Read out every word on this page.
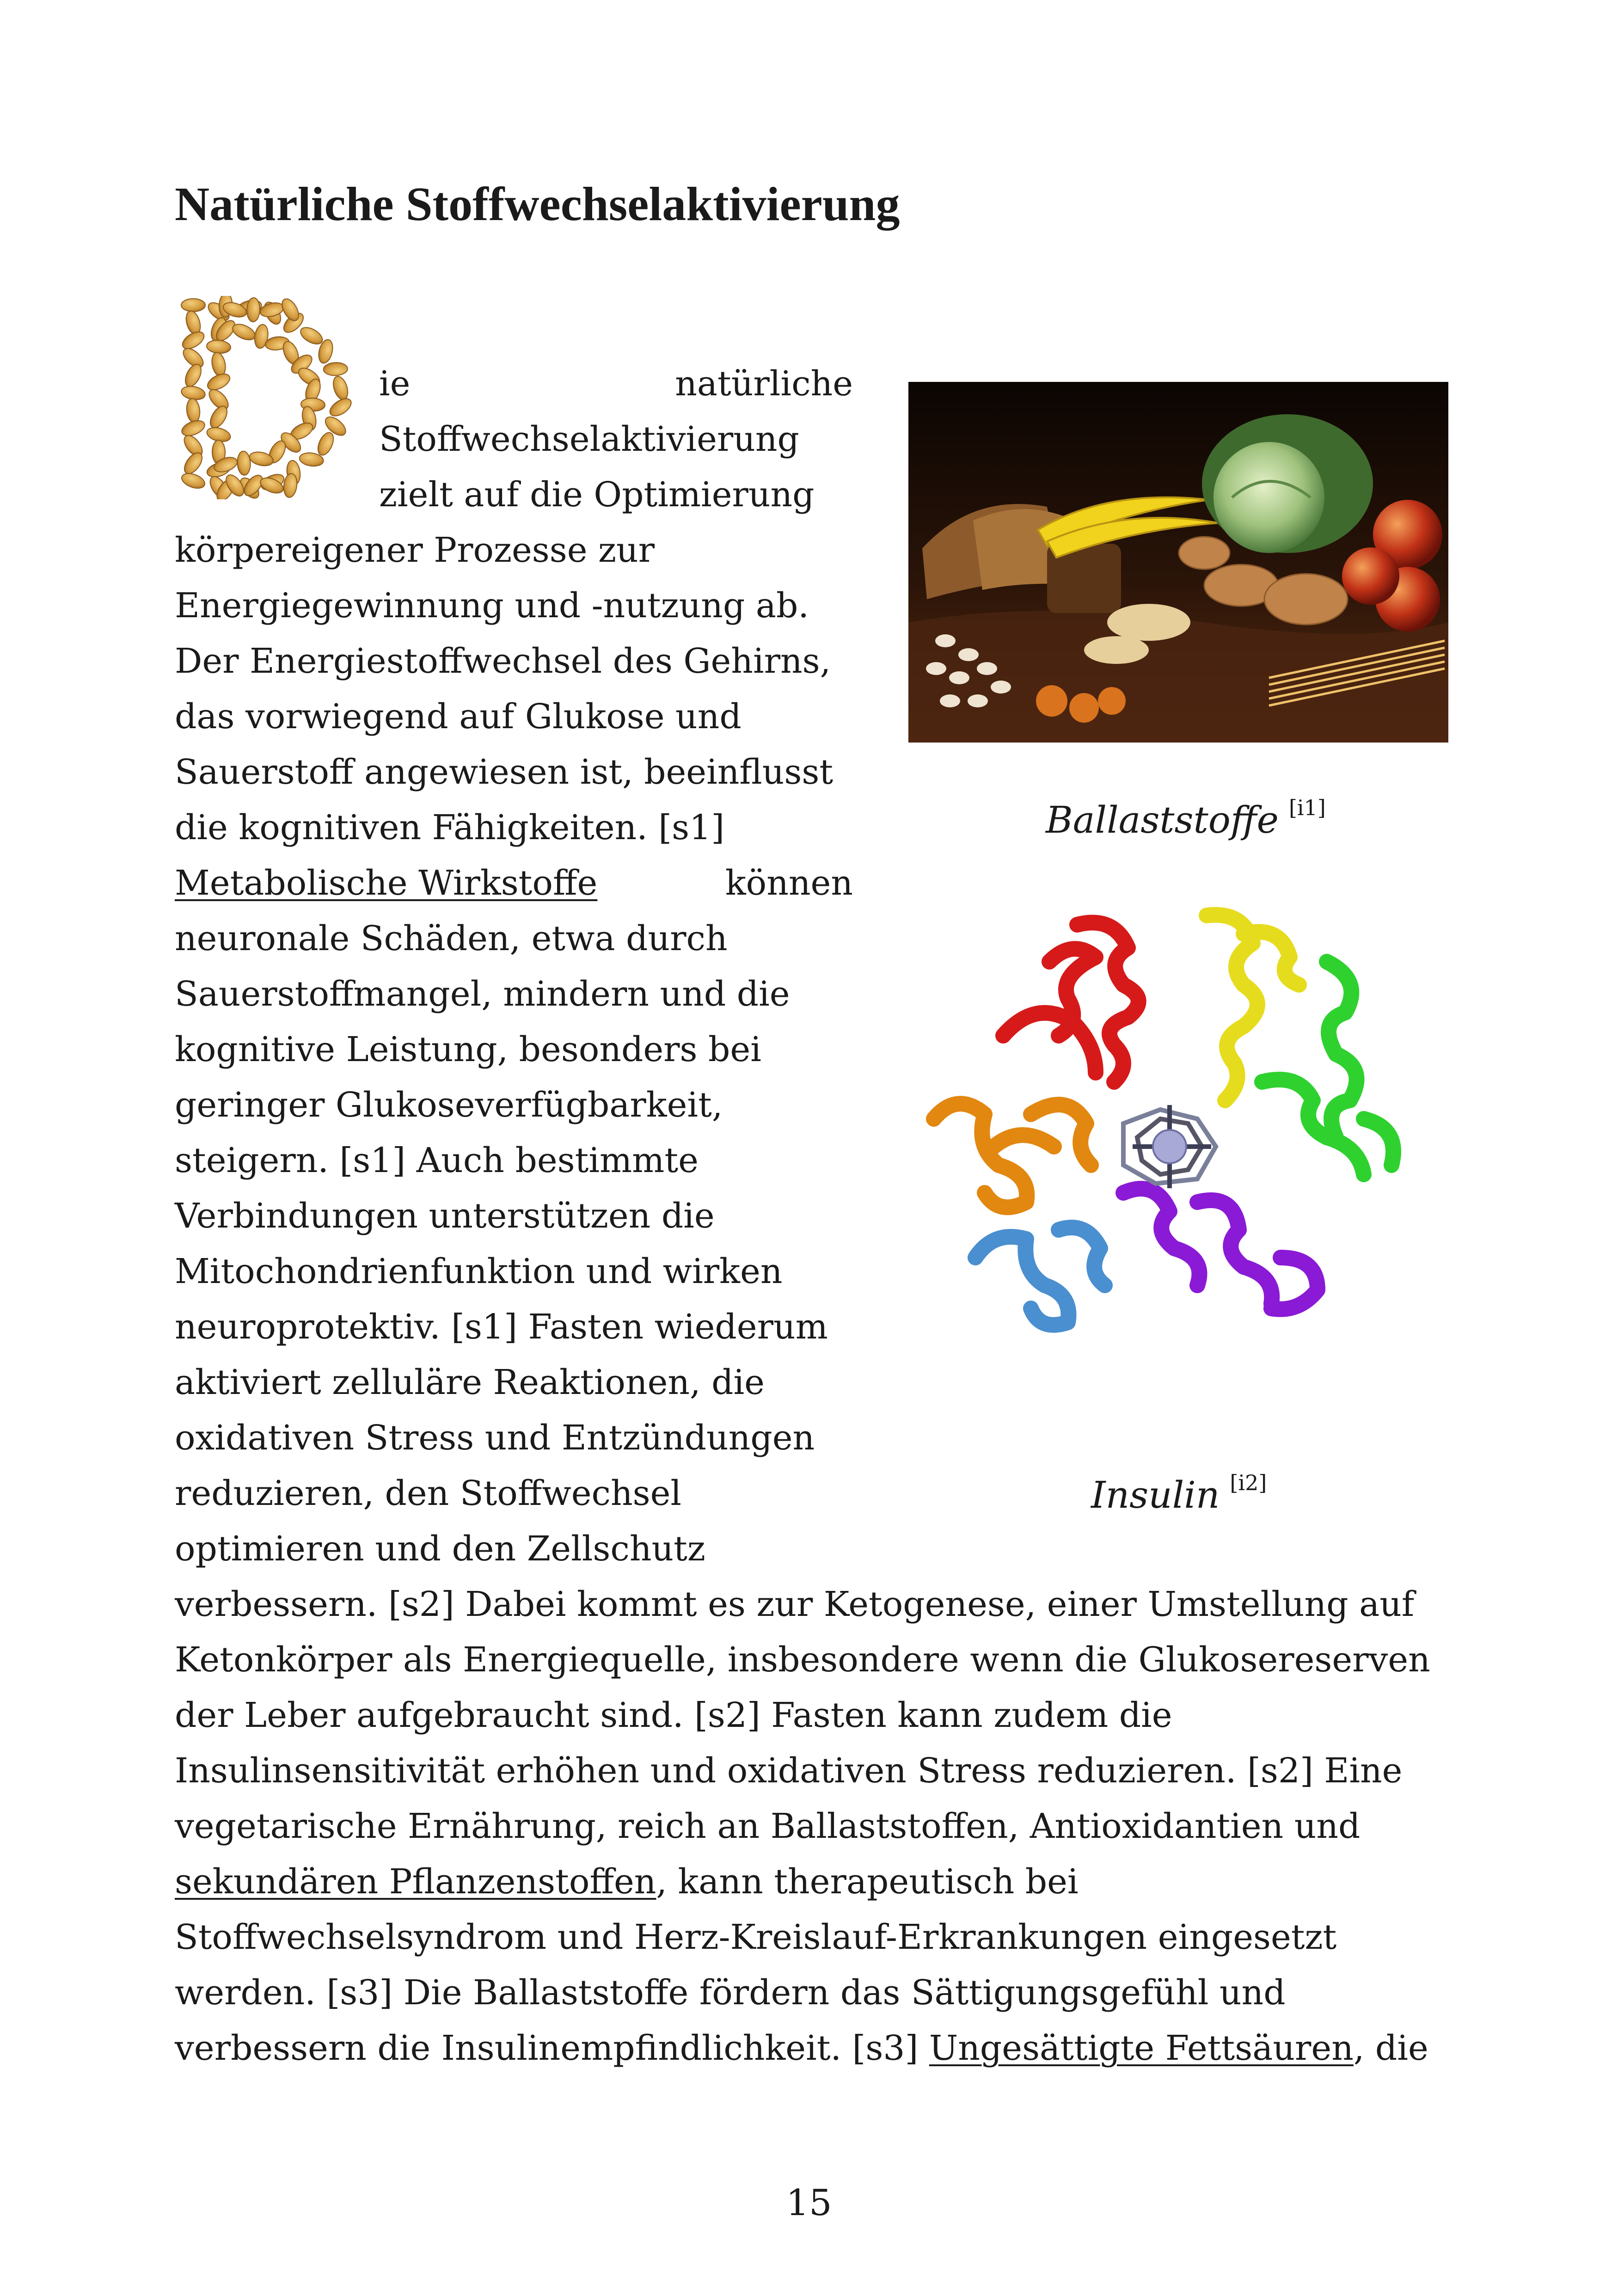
Natürliche Stoffwechselaktivierung
ie	natürliche
Stoffwechselaktivierung
zielt auf die Optimierung
körpereigener Prozesse zur
Energiegewinnung und -nutzung ab.
Der Energiestoffwechsel des Gehirns,
das vorwiegend auf Glukose und
Sauerstoff angewiesen ist, beeinflusst
die kognitiven Fähigkeiten. [s1]
Metabolische Wirkstoffe	können
neuronale Schäden, etwa durch
Sauerstoffmangel, mindern und die
kognitive Leistung, besonders bei
geringer Glukoseverfügbarkeit,
steigern. [s1] Auch bestimmte
Verbindungen unterstützen die
Mitochondrienfunktion und wirken
neuroprotektiv. [s1] Fasten wiederum
aktiviert zelluläre Reaktionen, die
oxidativen Stress und Entzündungen
reduzieren, den Stoffwechsel
optimieren und den Zellschutz
verbessern. [s2] Dabei kommt es zur Ketogenese, einer Umstellung auf
Ketonkörper als Energiequelle, insbesondere wenn die Glukosereserven
der Leber aufgebraucht sind. [s2] Fasten kann zudem die
Insulinsensitivität erhöhen und oxidativen Stress reduzieren. [s2] Eine
vegetarische Ernährung, reich an Ballaststoffen, Antioxidantien und
sekundären Pflanzenstoffen, kann therapeutisch bei
Stoffwechselsyndrom und Herz-Kreislauf-Erkrankungen eingesetzt
werden. [s3] Die Ballaststoffe fördern das Sättigungsgefühl und
verbessern die Insulinempfindlichkeit. [s3] Ungesättigte Fettsäuren, die
Ballaststoffe [i1]
Insulin [i2]
15
